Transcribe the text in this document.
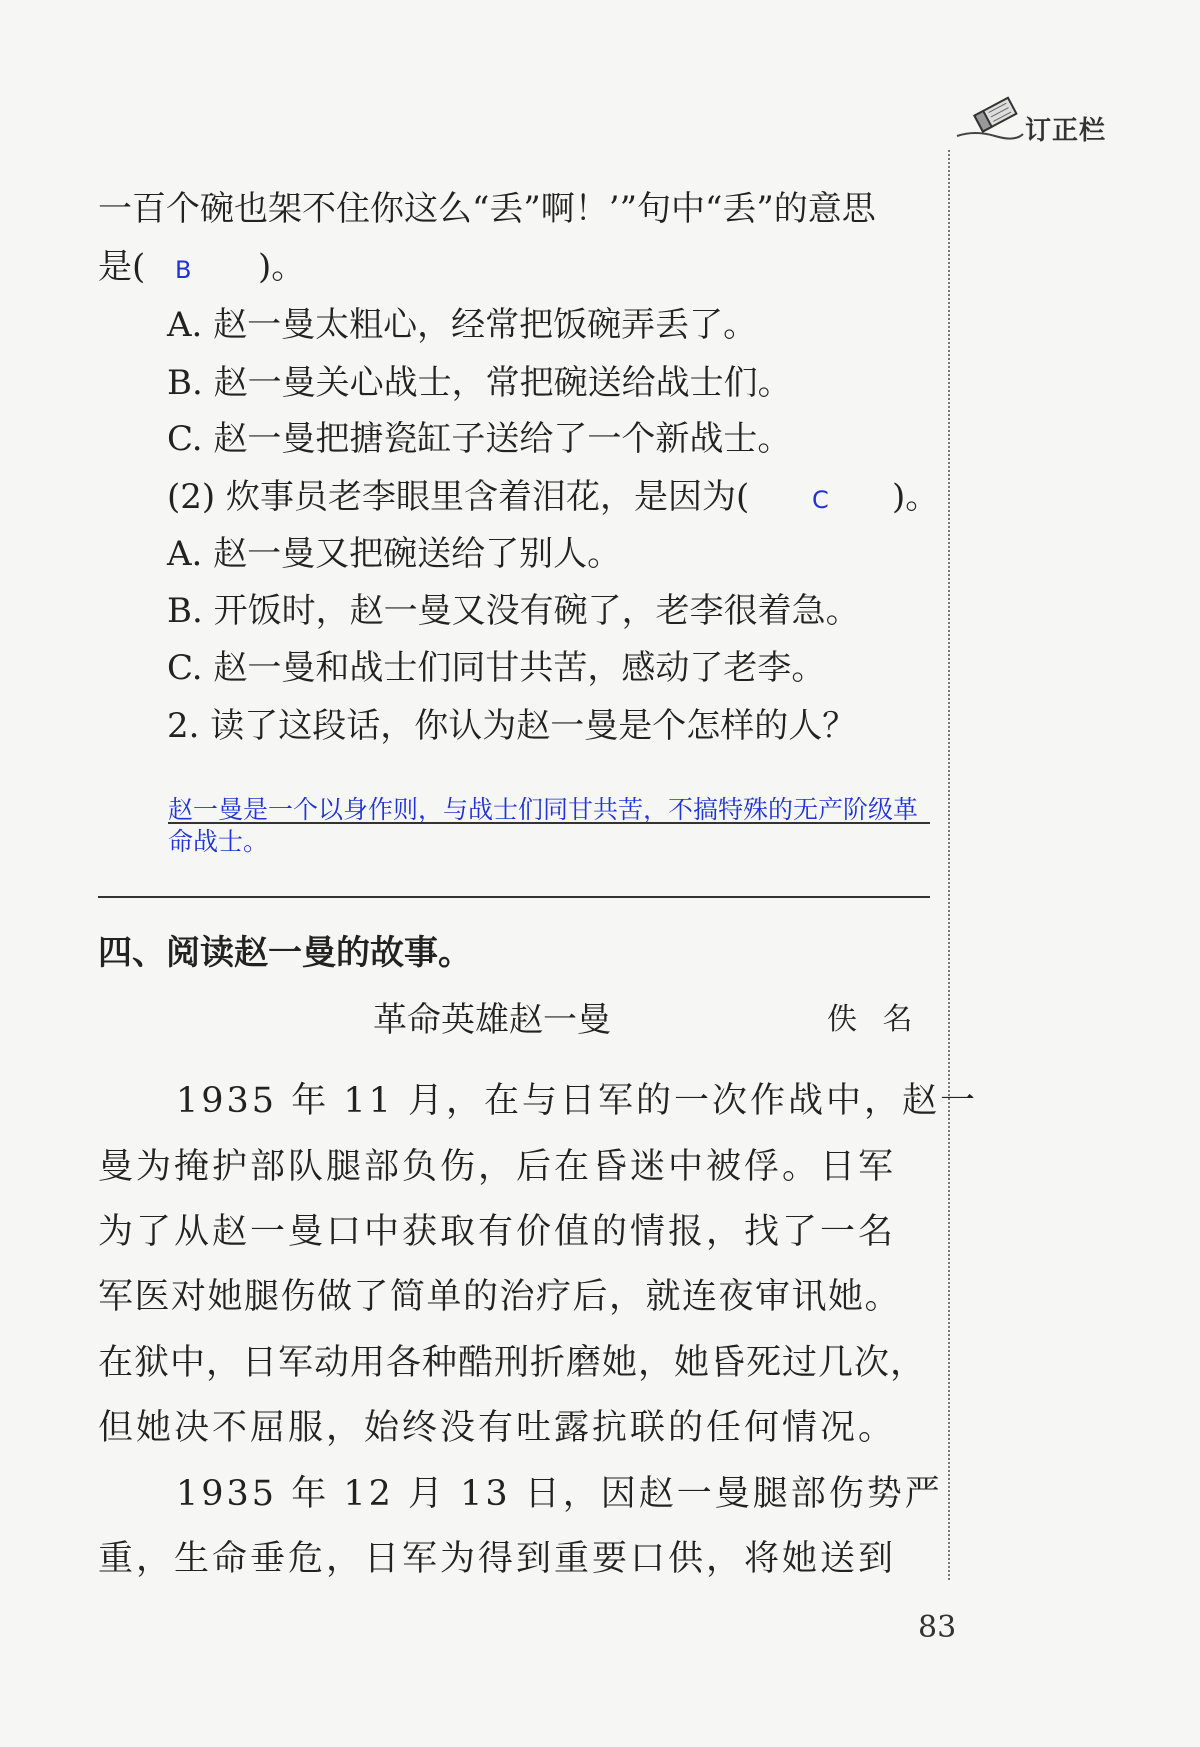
订正栏
一百个碗也架不住你这么“丢”啊！’”句中“丢”的意思
是( B )。
A. 赵一曼太粗心，经常把饭碗弄丢了。
B. 赵一曼关心战士，常把碗送给战士们。
C. 赵一曼把搪瓷缸子送给了一个新战士。
(2) 炊事员老李眼里含着泪花，是因为(	C )。
A. 赵一曼又把碗送给了别人。
B. 开饭时，赵一曼又没有碗了，老李很着急。
C. 赵一曼和战士们同甘共苦，感动了老李。
2. 读了这段话，你认为赵一曼是个怎样的人？
赵一曼是一个以身作则，与战士们同甘共苦，不搞特殊的无产阶级革
命战士。
四、阅读赵一曼的故事。
革命英雄赵一曼	佚 名
1935 年 11 月，在与日军的一次作战中，赵一
曼为掩护部队腿部负伤，后在昏迷中被俘。日军
为了从赵一曼口中获取有价值的情报，找了一名
军医对她腿伤做了简单的治疗后，就连夜审讯她。
在狱中，日军动用各种酷刑折磨她，她昏死过几次，
但她决不屈服，始终没有吐露抗联的任何情况。
1935 年 12 月 13 日，因赵一曼腿部伤势严
重，生命垂危，日军为得到重要口供，将她送到
83
